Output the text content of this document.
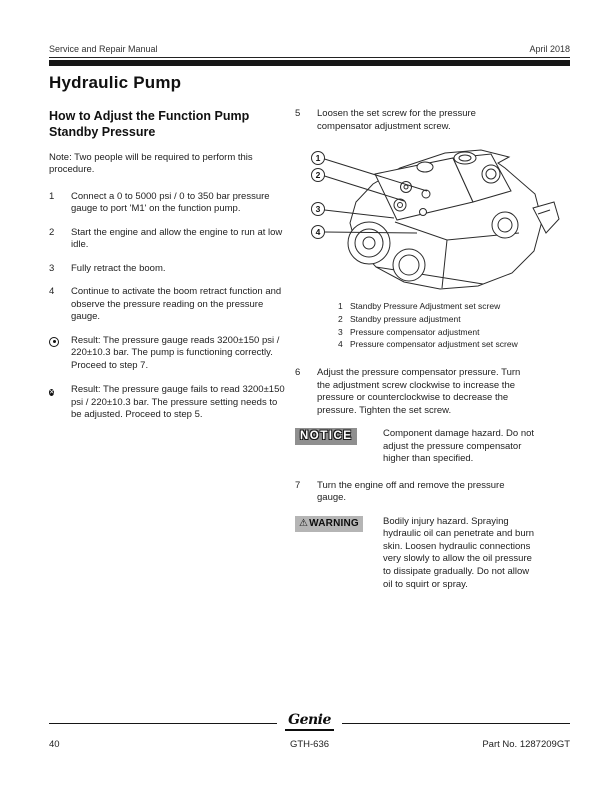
Service and Repair Manual	April 2018
Hydraulic Pump
How to Adjust the Function Pump Standby Pressure
Note: Two people will be required to perform this procedure.
1	Connect a 0 to 5000 psi / 0 to 350 bar pressure gauge to port 'M1' on the function pump.
2	Start the engine and allow the engine to run at low idle.
3	Fully retract the boom.
4	Continue to activate the boom retract function and observe the pressure reading on the pressure gauge.
Result: The pressure gauge reads 3200±150 psi / 220±10.3 bar. The pump is functioning correctly. Proceed to step 7.
✕	Result: The pressure gauge fails to read 3200±150 psi / 220±10.3 bar. The pressure setting needs to be adjusted. Proceed to step 5.
5	Loosen the set screw for the pressure compensator adjustment screw.
1
2
3
4
1 Standby Pressure Adjustment set screw
2 Standby pressure adjustment
3 Pressure compensator adjustment
4 Pressure compensator adjustment set screw
6	Adjust the pressure compensator pressure. Turn the adjustment screw clockwise to increase the pressure or counterclockwise to decrease the pressure. Tighten the set screw.
NOTICE	Component damage hazard. Do not adjust the pressure compensator higher than specified.
7	Turn the engine off and remove the pressure gauge.
⚠WARNING	Bodily injury hazard. Spraying hydraulic oil can penetrate and burn skin. Loosen hydraulic connections very slowly to allow the oil pressure to dissipate gradually. Do not allow oil to squirt or spray.
Genie
40	GTH-636	Part No. 1287209GT
